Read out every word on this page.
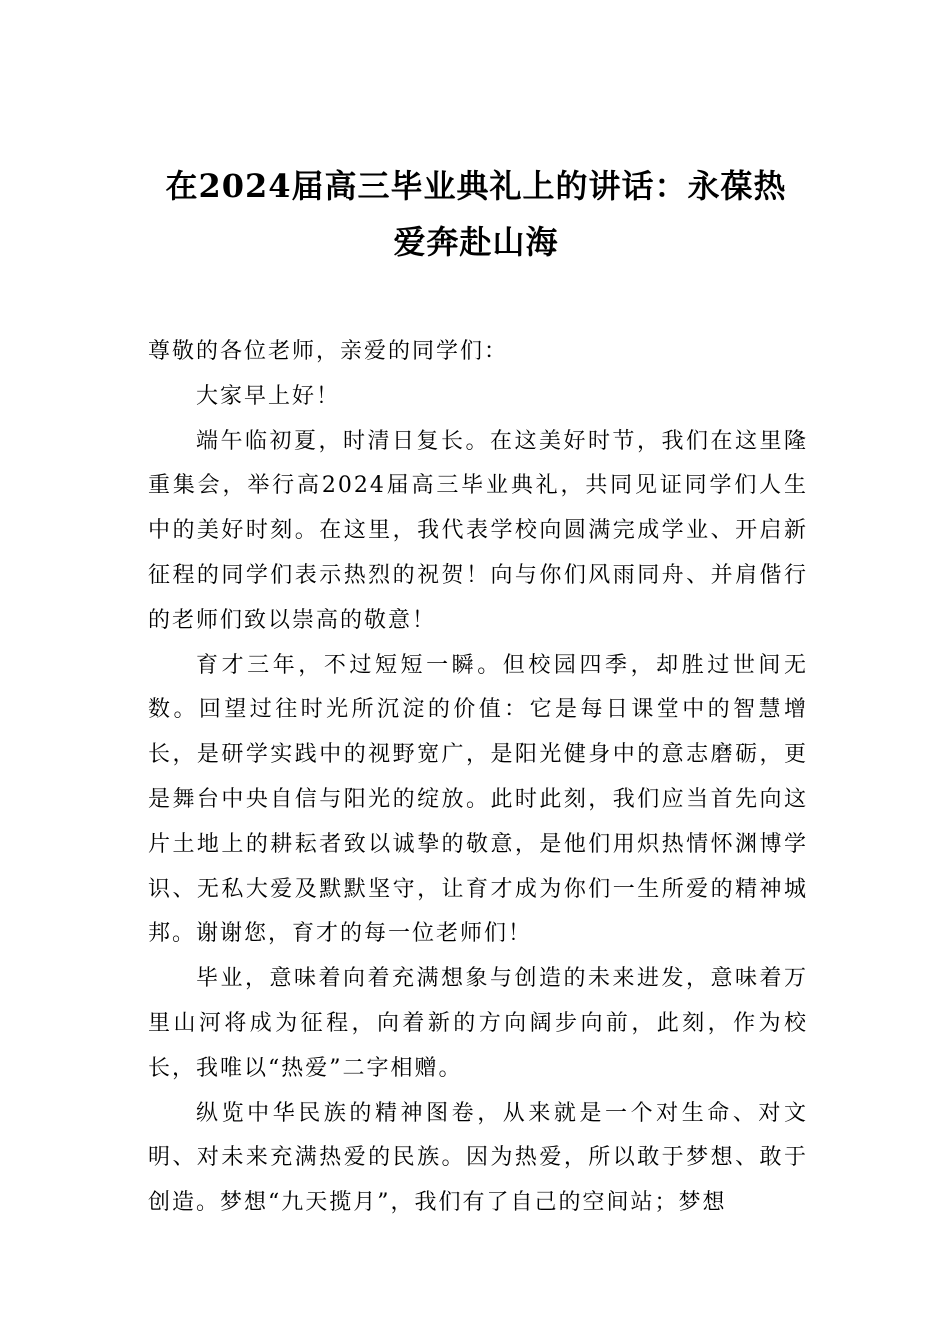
在2024届高三毕业典礼上的讲话：永葆热
爱奔赴山海

尊敬的各位老师，亲爱的同学们：

大家早上好！

端午临初夏，时清日复长。在这美好时节，我们在这里隆重集会，举行高2024届高三毕业典礼，共同见证同学们人生中的美好时刻。在这里，我代表学校向圆满完成学业、开启新征程的同学们表示热烈的祝贺！向与你们风雨同舟、并肩偕行的老师们致以崇高的敬意！

育才三年，不过短短一瞬。但校园四季，却胜过世间无数。回望过往时光所沉淀的价值：它是每日课堂中的智慧增长，是研学实践中的视野宽广，是阳光健身中的意志磨砺，更是舞台中央自信与阳光的绽放。此时此刻，我们应当首先向这片土地上的耕耘者致以诚挚的敬意，是他们用炽热情怀渊博学识、无私大爱及默默坚守，让育才成为你们一生所爱的精神城邦。谢谢您，育才的每一位老师们！

毕业，意味着向着充满想象与创造的未来进发，意味着万里山河将成为征程，向着新的方向阔步向前，此刻，作为校长，我唯以“热爱”二字相赠。

纵览中华民族的精神图卷，从来就是一个对生命、对文明、对未来充满热爱的民族。因为热爱，所以敢于梦想、敢于创造。梦想“九天揽月”，我们有了自己的空间站；梦想
